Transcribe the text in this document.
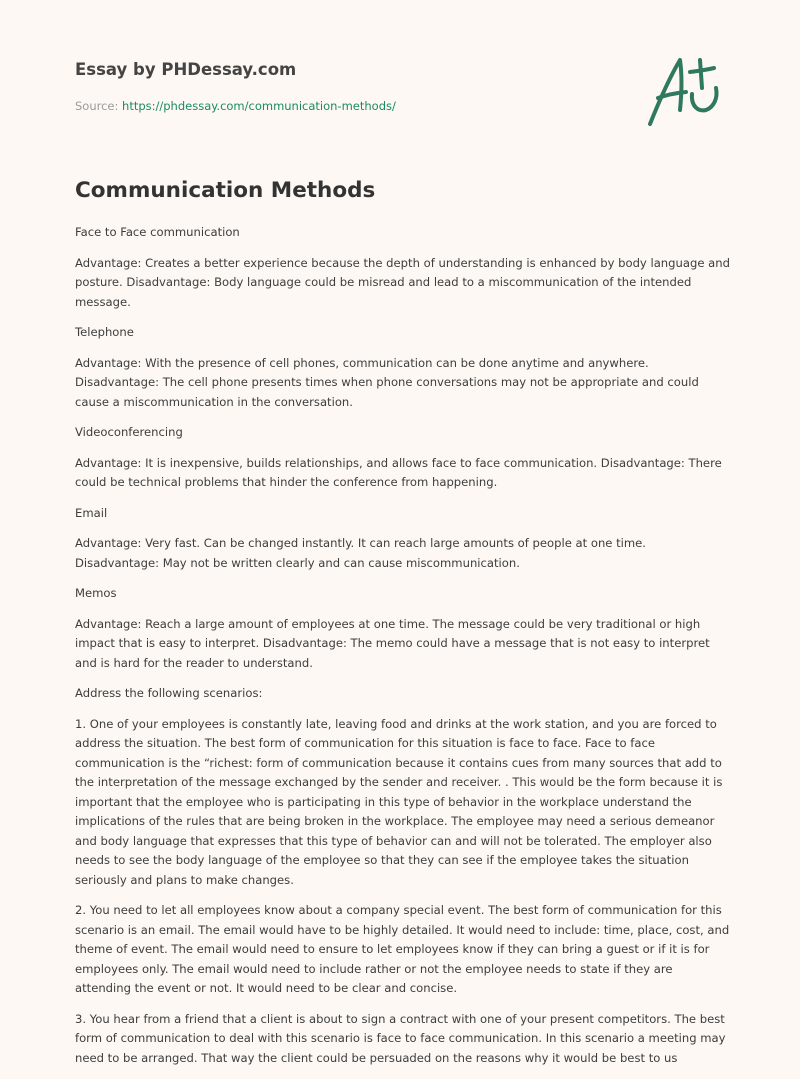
Essay by PHDessay.com
Source: https://phdessay.com/communication-methods/
Communication Methods

Face to Face communication

Advantage: Creates a better experience because the depth of understanding is enhanced by body language and posture. Disadvantage: Body language could be misread and lead to a miscommunication of the intended message.

Telephone

Advantage: With the presence of cell phones, communication can be done anytime and anywhere. Disadvantage: The cell phone presents times when phone conversations may not be appropriate and could cause a miscommunication in the conversation.

Videoconferencing

Advantage: It is inexpensive, builds relationships, and allows face to face communication. Disadvantage: There could be technical problems that hinder the conference from happening.

Email

Advantage: Very fast. Can be changed instantly. It can reach large amounts of people at one time. Disadvantage: May not be written clearly and can cause miscommunication.

Memos

Advantage: Reach a large amount of employees at one time. The message could be very traditional or high impact that is easy to interpret. Disadvantage: The memo could have a message that is not easy to interpret and is hard for the reader to understand.

Address the following scenarios:

1. One of your employees is constantly late, leaving food and drinks at the work station, and you are forced to address the situation. The best form of communication for this situation is face to face. Face to face communication is the “richest: form of communication because it contains cues from many sources that add to the interpretation of the message exchanged by the sender and receiver. . This would be the form because it is important that the employee who is participating in this type of behavior in the workplace understand the implications of the rules that are being broken in the workplace. The employee may need a serious demeanor and body language that expresses that this type of behavior can and will not be tolerated. The employer also needs to see the body language of the employee so that they can see if the employee takes the situation seriously and plans to make changes.

2. You need to let all employees know about a company special event. The best form of communication for this scenario is an email. The email would have to be highly detailed. It would need to include: time, place, cost, and theme of event. The email would need to ensure to let employees know if they can bring a guest or if it is for employees only. The email would need to include rather or not the employee needs to state if they are attending the event or not. It would need to be clear and concise.

3. You hear from a friend that a client is about to sign a contract with one of your present competitors. The best form of communication to deal with this scenario is face to face communication. In this scenario a meeting may need to be arranged. That way the client could be persuaded on the reasons why it would be best to us
